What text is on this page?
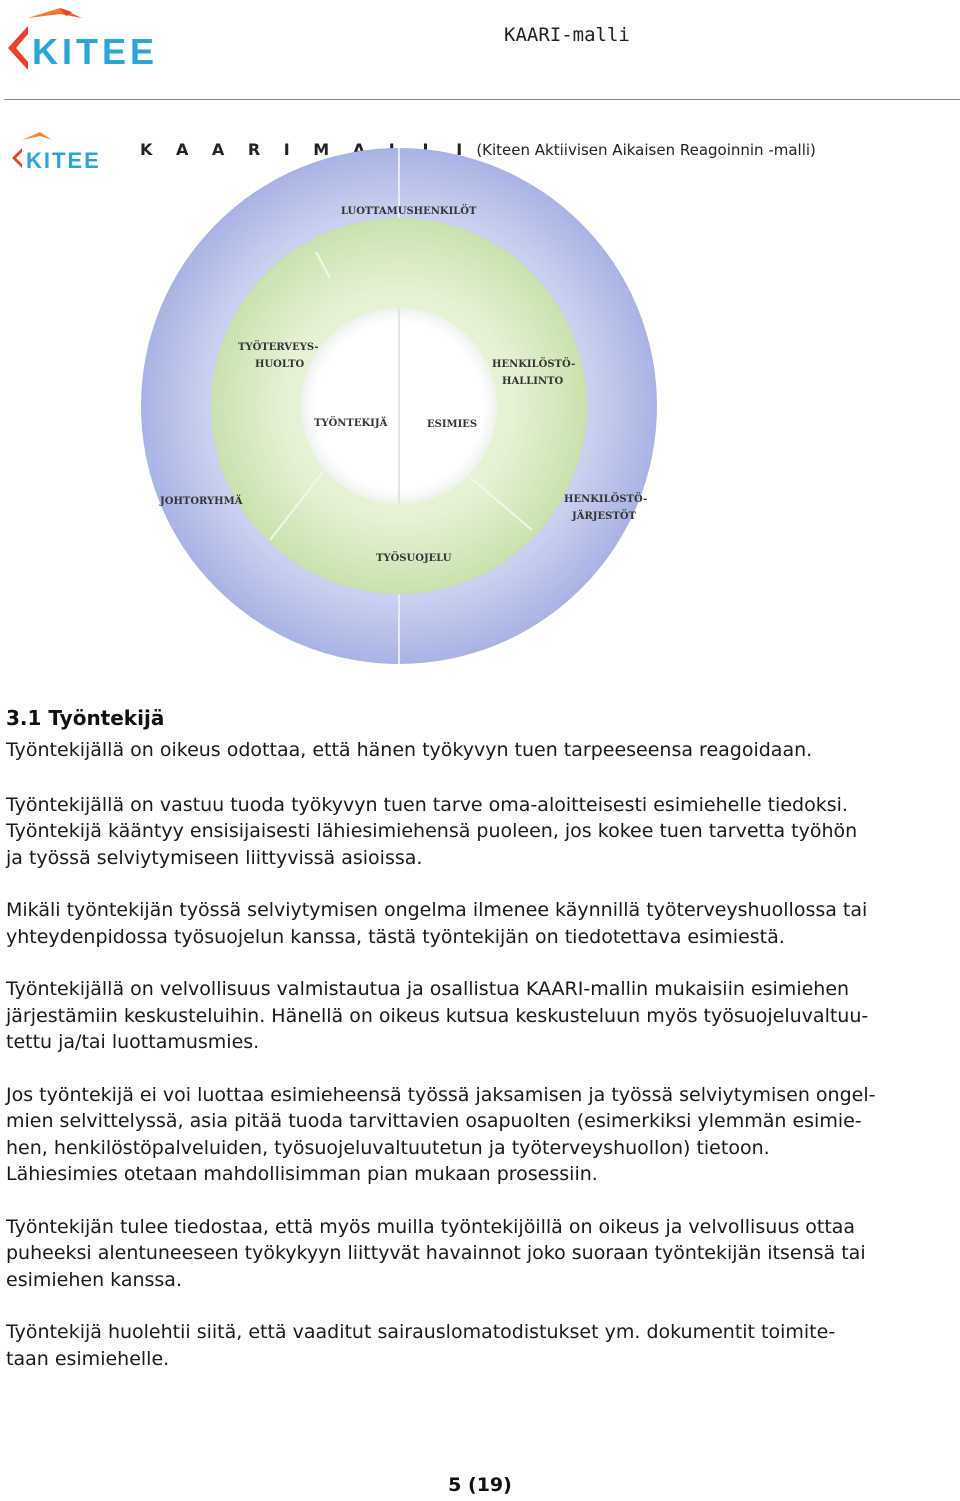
KITEE	KAARI-malli
KITEE K A A R I M A L L I (Kiteen Aktiivisen Aikaisen Reagoinnin -malli)
LUOTTAMUSHENKILÖT
JOHTORYHMÄ	HENKILÖSTÖ-
JÄRJESTÖT
TYÖTERVEYS-
HUOLTO	HENKILÖSTÖ-
HALLINTO
TYÖSUOJELU
TYÖNTEKIJÄ	ESIMIES
3.1 Työntekijä

Työntekijällä on oikeus odottaa, että hänen työkyvyn tuen tarpeeseensa reagoidaan.

Työntekijällä on vastuu tuoda työkyvyn tuen tarve oma-aloitteisesti esimiehelle tiedoksi.
Työntekijä kääntyy ensisijaisesti lähiesimiehensä puoleen, jos kokee tuen tarvetta työhön
ja työssä selviytymiseen liittyvissä asioissa.

Mikäli työntekijän työssä selviytymisen ongelma ilmenee käynnillä työterveyshuollossa tai
yhteydenpidossa työsuojelun kanssa, tästä työntekijän on tiedotettava esimiestä.

Työntekijällä on velvollisuus valmistautua ja osallistua KAARI-mallin mukaisiin esimiehen
järjestämiin keskusteluihin. Hänellä on oikeus kutsua keskusteluun myös työsuojeluvaltuu-
tettu ja/tai luottamusmies.

Jos työntekijä ei voi luottaa esimieheensä työssä jaksamisen ja työssä selviytymisen ongel-
mien selvittelyssä, asia pitää tuoda tarvittavien osapuolten (esimerkiksi ylemmän esimie-
hen, henkilöstöpalveluiden, työsuojeluvaltuutetun ja työterveyshuollon) tietoon.
Lähiesimies otetaan mahdollisimman pian mukaan prosessiin.

Työntekijän tulee tiedostaa, että myös muilla työntekijöillä on oikeus ja velvollisuus ottaa
puheeksi alentuneeseen työkykyyn liittyvät havainnot joko suoraan työntekijän itsensä tai
esimiehen kanssa.

Työntekijä huolehtii siitä, että vaaditut sairauslomatodistukset ym. dokumentit toimite-
taan esimiehelle.

5 (19)
